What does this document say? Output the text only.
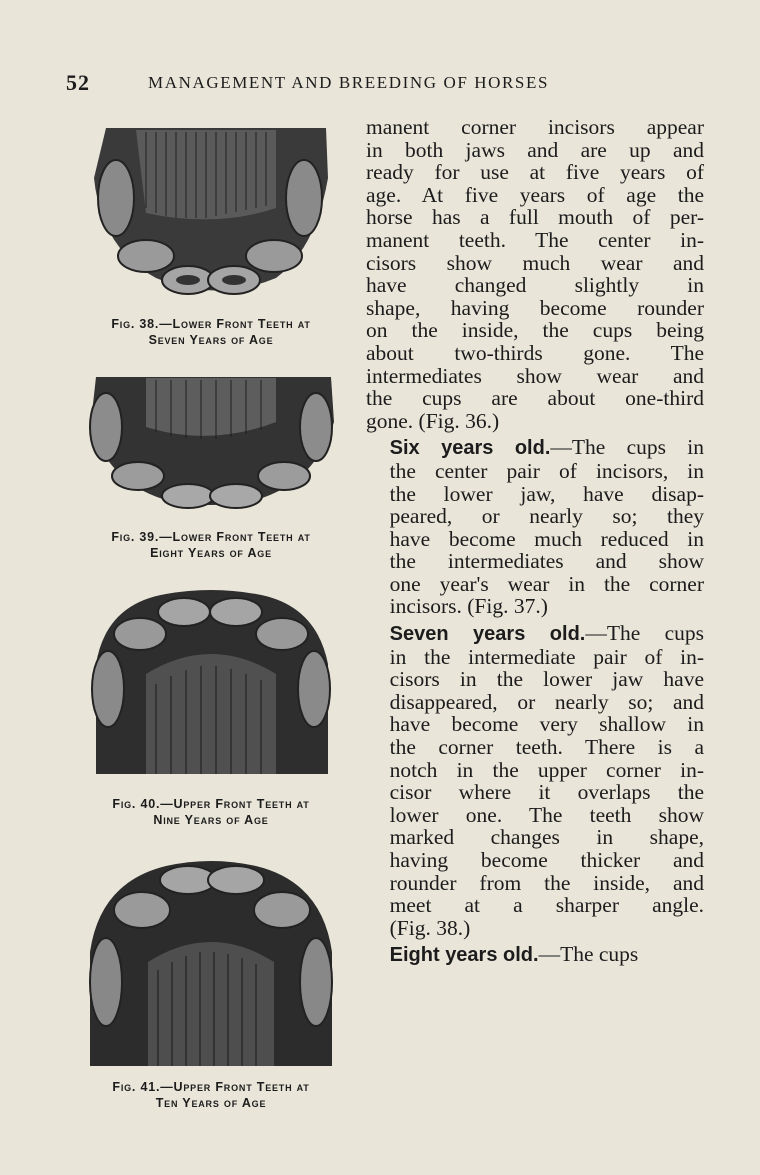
52	MANAGEMENT AND BREEDING OF HORSES
Fig. 38.—Lower Front Teeth at
Seven Years of Age
Fig. 39.—Lower Front Teeth at
Eight Years of Age
Fig. 40.—Upper Front Teeth at
Nine Years of Age
Fig. 41.—Upper Front Teeth at
Ten Years of Age

manent corner incisors appear
in both jaws and are up and
ready for use at five years of
age. At five years of age the
horse has a full mouth of per-
manent teeth. The center in-
cisors show much wear and
have changed slightly in
shape, having become rounder
on the inside, the cups being
about two-thirds gone. The
intermediates show wear and
the cups are about one-third
gone. (Fig. 36.)

Six years old.—The cups in
the center pair of incisors, in
the lower jaw, have disap-
peared, or nearly so; they
have become much reduced in
the intermediates and show
one year's wear in the corner
incisors. (Fig. 37.)

Seven years old.—The cups
in the intermediate pair of in-
cisors in the lower jaw have
disappeared, or nearly so; and
have become very shallow in
the corner teeth. There is a
notch in the upper corner in-
cisor where it overlaps the
lower one. The teeth show
marked changes in shape,
having become thicker and
rounder from the inside, and
meet at a sharper angle.
(Fig. 38.)

Eight years old.—The cups
